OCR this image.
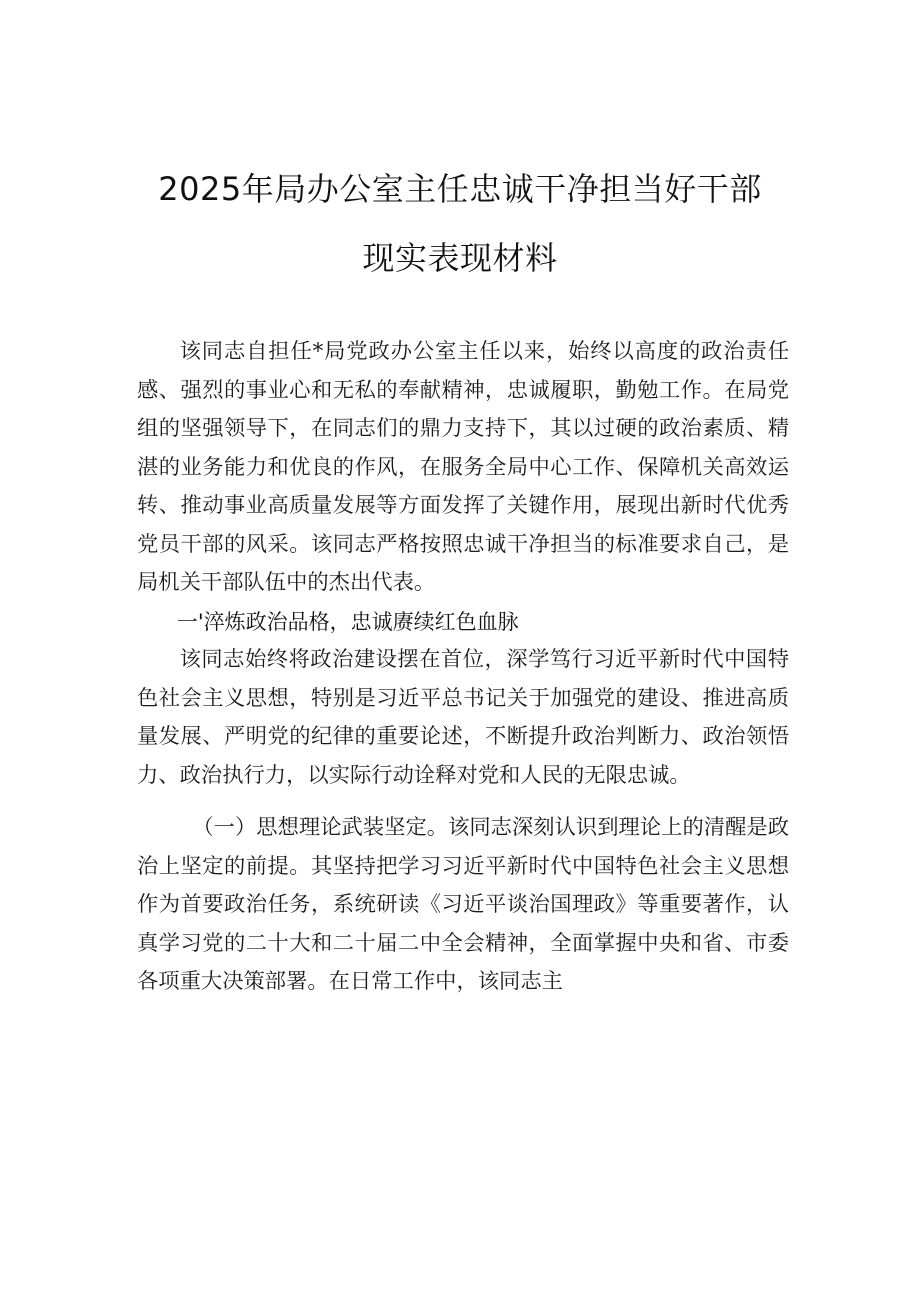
2025年局办公室主任忠诚干净担当好干部
现实表现材料

该同志自担任*局党政办公室主任以来，始终以高度的政治责任感、强烈的事业心和无私的奉献精神，忠诚履职，勤勉工作。在局党组的坚强领导下，在同志们的鼎力支持下，其以过硬的政治素质、精湛的业务能力和优良的作风，在服务全局中心工作、保障机关高效运转、推动事业高质量发展等方面发挥了关键作用，展现出新时代优秀党员干部的风采。该同志严格按照忠诚干净担当的标准要求自己，是局机关干部队伍中的杰出代表。

一'淬炼政治品格，忠诚赓续红色血脉

该同志始终将政治建设摆在首位，深学笃行习近平新时代中国特色社会主义思想，特别是习近平总书记关于加强党的建设、推进高质量发展、严明党的纪律的重要论述，不断提升政治判断力、政治领悟力、政治执行力，以实际行动诠释对党和人民的无限忠诚。

（一）思想理论武装坚定。该同志深刻认识到理论上的清醒是政治上坚定的前提。其坚持把学习习近平新时代中国特色社会主义思想作为首要政治任务，系统研读《习近平谈治国理政》等重要著作，认真学习党的二十大和二十届二中全会精神，全面掌握中央和省、市委各项重大决策部署。在日常工作中，该同志主
